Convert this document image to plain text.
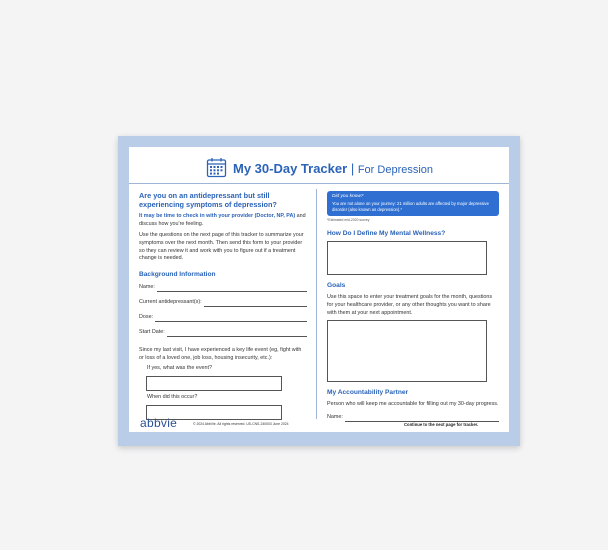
My 30-Day Tracker | For Depression
Are you on an antidepressant but still experiencing symptoms of depression?
It may be time to check in with your provider (Doctor, NP, PA) and discuss how you're feeling.
Use the questions on the next page of this tracker to summarize your symptoms over the next month. Then send this form to your provider so they can review it and work with you to figure out if a treatment change is needed.
Background Information
Name:
Current antidepressant(s):
Dose:
Start Date:
Since my last visit, I have experienced a key life event (eg, fight with or loss of a loved one, job loss, housing insecurity, etc.):
If yes, what was the event?
When did this occur?
Did you know?
You are not alone on your journey: 21 million adults are affected by major depressive disorder (also known as depression).*
*Estimated mid-2020 survey
How Do I Define My Mental Wellness?
Goals
Use this space to enter your treatment goals for the month, questions for your healthcare provider, or any other thoughts you want to share with them at your next appointment.
My Accountability Partner
Person who will keep me accountable for filling out my 30-day progress.
Name:
abbvie	© 2024 AbbVie. All rights reserved. US-CNS-240003 June 2024	Continue to the next page for tracker.
